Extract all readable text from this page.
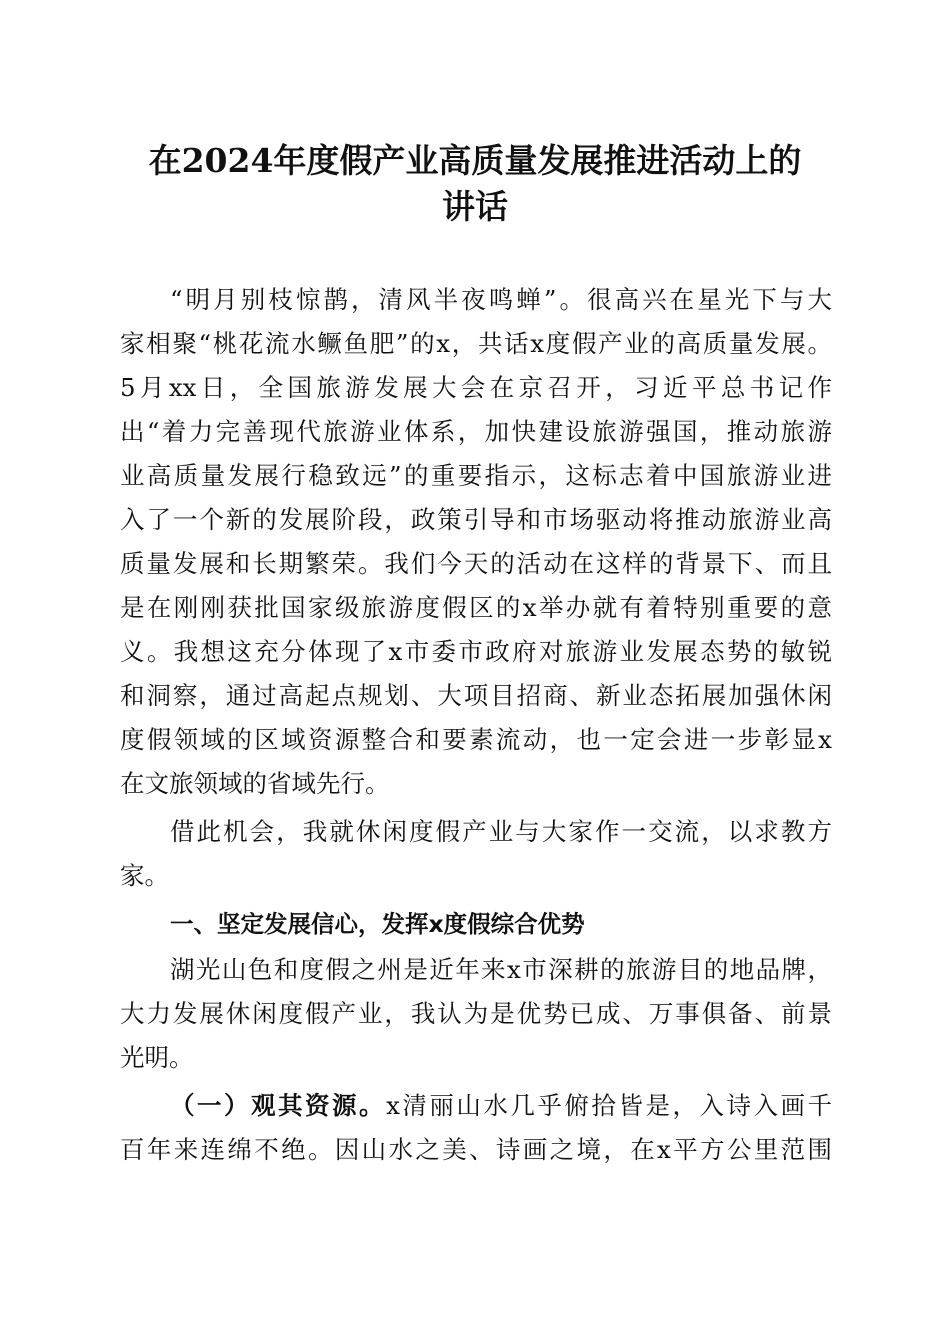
在2024年度假产业高质量发展推进活动上的
讲话
“明月别枝惊鹊，清风半夜鸣蝉”。很高兴在星光下与大
家相聚“桃花流水鳜鱼肥”的x，共话x度假产业的高质量发展。
5月xx日，全国旅游发展大会在京召开，习近平总书记作
出“着力完善现代旅游业体系，加快建设旅游强国，推动旅游
业高质量发展行稳致远”的重要指示，这标志着中国旅游业进
入了一个新的发展阶段，政策引导和市场驱动将推动旅游业高
质量发展和长期繁荣。我们今天的活动在这样的背景下、而且
是在刚刚获批国家级旅游度假区的x举办就有着特别重要的意
义。我想这充分体现了x市委市政府对旅游业发展态势的敏锐
和洞察，通过高起点规划、大项目招商、新业态拓展加强休闲
度假领域的区域资源整合和要素流动，也一定会进一步彰显x
在文旅领域的省域先行。
借此机会，我就休闲度假产业与大家作一交流，以求教方
家。
一、坚定发展信心，发挥x度假综合优势
湖光山色和度假之州是近年来x市深耕的旅游目的地品牌，
大力发展休闲度假产业，我认为是优势已成、万事俱备、前景
光明。
（一）观其资源。x清丽山水几乎俯拾皆是，入诗入画千
百年来连绵不绝。因山水之美、诗画之境，在x平方公里范围
